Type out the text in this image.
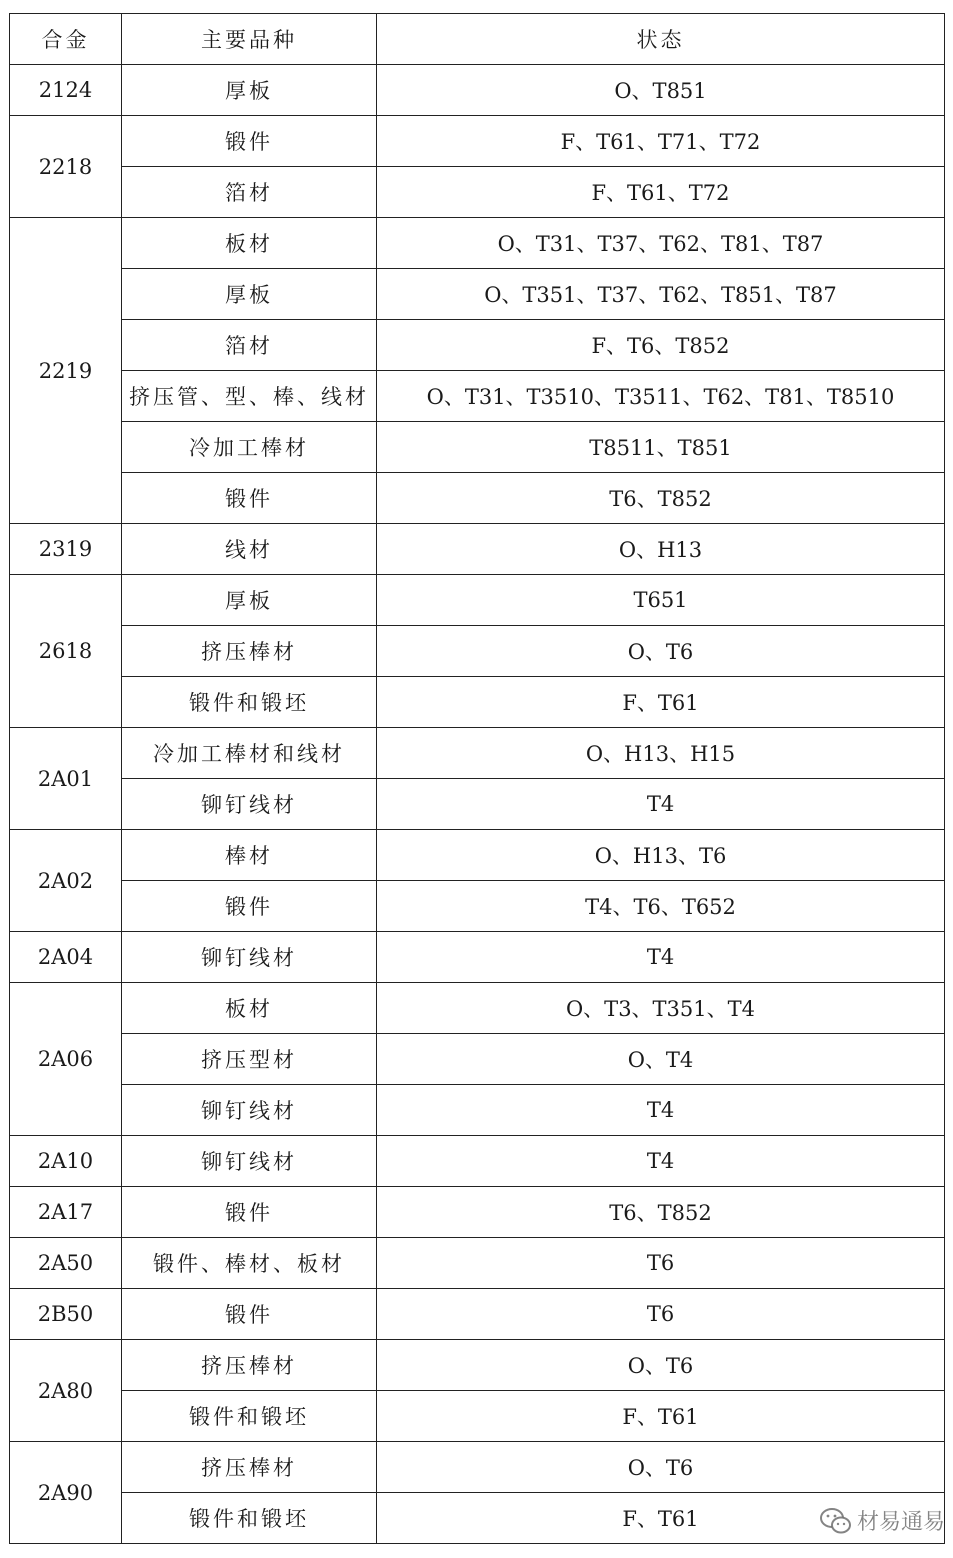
合金	主要品种	状态
2124	厚板	O、T851
2218	锻件	F、T61、T71、T72
	箔材	F、T61、T72
2219	板材	O、T31、T37、T62、T81、T87
	厚板	O、T351、T37、T62、T851、T87
	箔材	F、T6、T852
	挤压管、型、棒、线材	O、T31、T3510、T3511、T62、T81、T8510
	冷加工棒材	T8511、T851
	锻件	T6、T852
2319	线材	O、H13
2618	厚板	T651
	挤压棒材	O、T6
	锻件和锻坯	F、T61
2A01	冷加工棒材和线材	O、H13、H15
	铆钉线材	T4
2A02	棒材	O、H13、T6
	锻件	T4、T6、T652
2A04	铆钉线材	T4
2A06	板材	O、T3、T351、T4
	挤压型材	O、T4
	铆钉线材	T4
2A10	铆钉线材	T4
2A17	锻件	T6、T852
2A50	锻件、棒材、板材	T6
2B50	锻件	T6
2A80	挤压棒材	O、T6
	锻件和锻坯	F、T61
2A90	挤压棒材	O、T6
	锻件和锻坯	F、T61	材易通易
